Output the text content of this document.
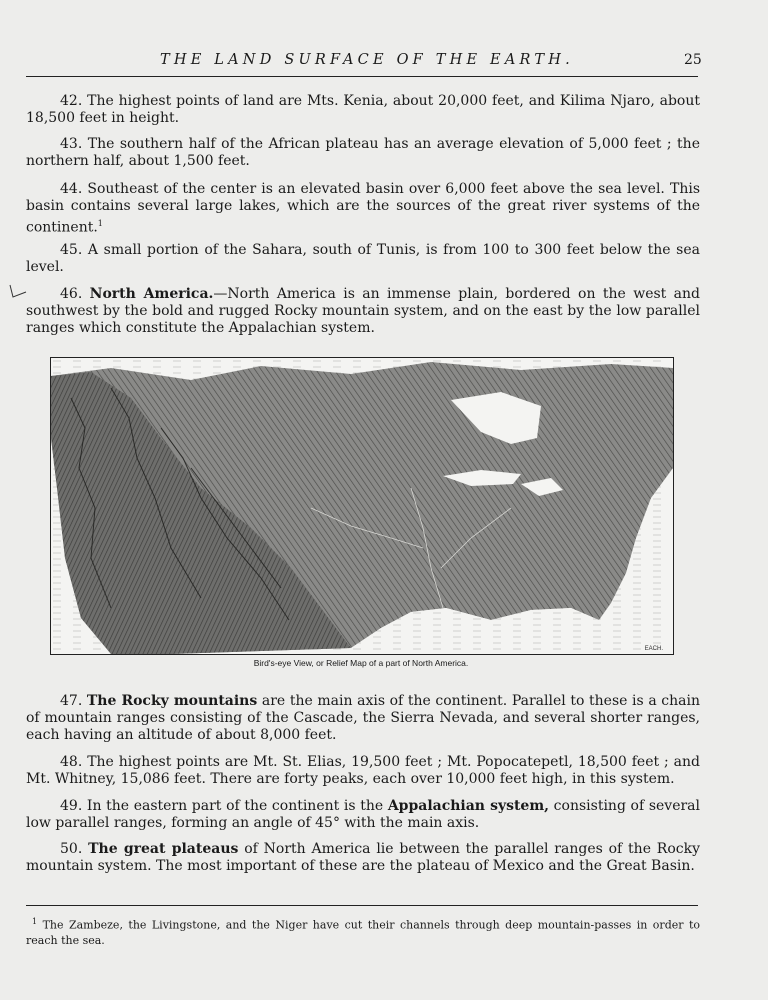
THE LAND SURFACE OF THE EARTH.	25
42. The highest points of land are Mts. Kenia, about 20,000 feet, and Kilima Njaro, about 18,500 feet in height.
43. The southern half of the African plateau has an average elevation of 5,000 feet ; the northern half, about 1,500 feet.
44. Southeast of the center is an elevated basin over 6,000 feet above the sea level. This basin contains several large lakes, which are the sources of the great river systems of the continent.$^1$
45. A small portion of the Sahara, south of Tunis, is from 100 to 300 feet below the sea level.
46. North America.—North America is an immense plain, bordered on the west and southwest by the bold and rugged Rocky mountain system, and on the east by the low parallel ranges which constitute the Appalachian system.
EACH.
Bird's-eye View, or Relief Map of a part of North America.
47. The Rocky mountains are the main axis of the continent. Parallel to these is a chain of mountain ranges consisting of the Cascade, the Sierra Nevada, and several shorter ranges, each having an altitude of about 8,000 feet.
48. The highest points are Mt. St. Elias, 19,500 feet ; Mt. Popocatepetl, 18,500 feet ; and Mt. Whitney, 15,086 feet. There are forty peaks, each over 10,000 feet high, in this system.
49. In the eastern part of the continent is the Appalachian system, consisting of several low parallel ranges, forming an angle of 45° with the main axis.
50. The great plateaus of North America lie between the parallel ranges of the Rocky mountain system. The most important of these are the plateau of Mexico and the Great Basin.
$^1$ The Zambeze, the Livingstone, and the Niger have cut their channels through deep mountain-passes in order to reach the sea.
